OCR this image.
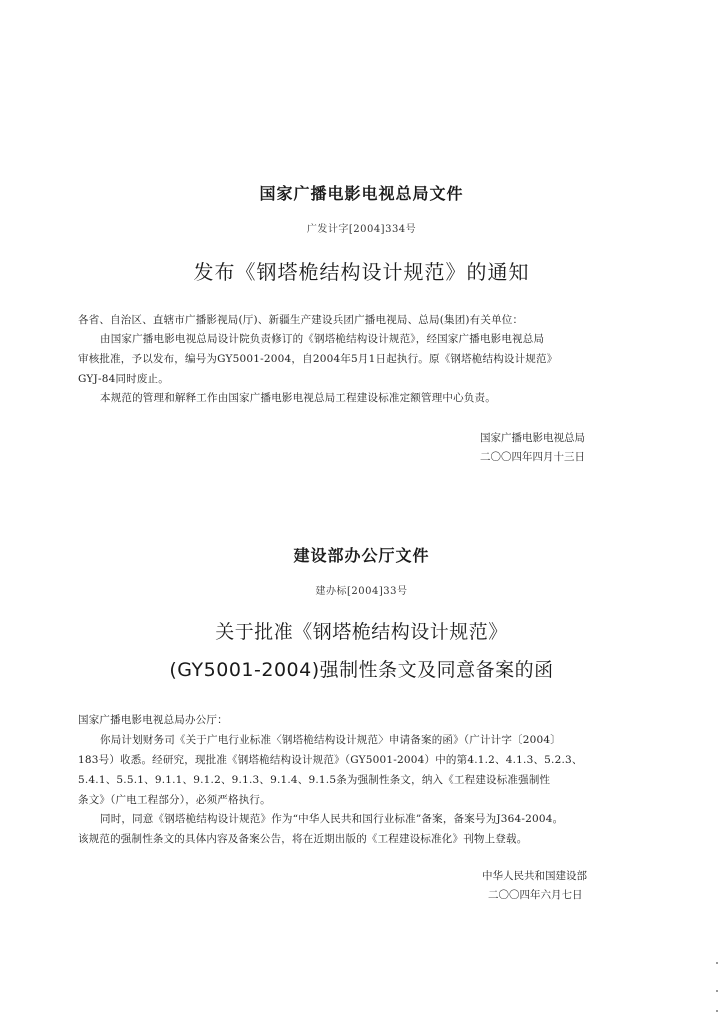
国家广播电影电视总局文件
广发计字[2004]334号
发布《钢塔桅结构设计规范》的通知
各省、自治区、直辖市广播影视局(厅)、新疆生产建设兵团广播电视局、总局(集团)有关单位：
由国家广播电影电视总局设计院负责修订的《钢塔桅结构设计规范》，经国家广播电影电视总局
审核批准，予以发布，编号为GY5001-2004，自2004年5月1日起执行。原《钢塔桅结构设计规范》
GYJ-84同时废止。
本规范的管理和解释工作由国家广播电影电视总局工程建设标准定额管理中心负责。
国家广播电影电视总局
二〇〇四年四月十三日
建设部办公厅文件
建办标[2004]33号
关于批准《钢塔桅结构设计规范》
(GY5001-2004)强制性条文及同意备案的函
国家广播电影电视总局办公厅：
你局计划财务司《关于广电行业标准〈钢塔桅结构设计规范〉申请备案的函》（广计计字〔2004〕
183号）收悉。经研究，现批准《钢塔桅结构设计规范》（GY5001-2004）中的第4.1.2、4.1.3、5.2.3、
5.4.1、5.5.1、9.1.1、9.1.2、9.1.3、9.1.4、9.1.5条为强制性条文，纳入《工程建设标准强制性
条文》（广电工程部分），必须严格执行。
同时，同意《钢塔桅结构设计规范》作为“中华人民共和国行业标准”备案，备案号为J364-2004。
该规范的强制性条文的具体内容及备案公告，将在近期出版的《工程建设标准化》刊物上登载。
中华人民共和国建设部
二〇〇四年六月七日
